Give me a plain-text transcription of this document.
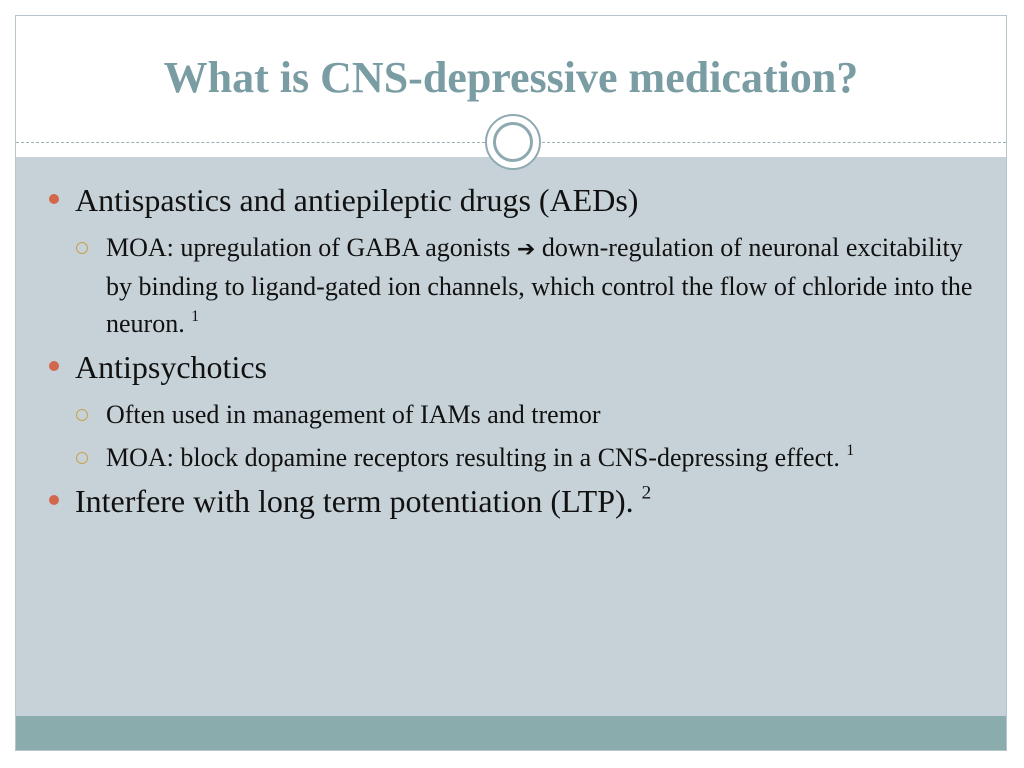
What is CNS-depressive medication?
Antispastics and antiepileptic drugs (AEDs)
MOA: upregulation of GABA agonists ➔ down-regulation of neuronal excitability by binding to ligand-gated ion channels, which control the flow of chloride into the neuron. $^1$
Antipsychotics
Often used in management of IAMs and tremor
MOA: block dopamine receptors resulting in a CNS-depressing effect. $^1$
Interfere with long term potentiation (LTP). $^2$
